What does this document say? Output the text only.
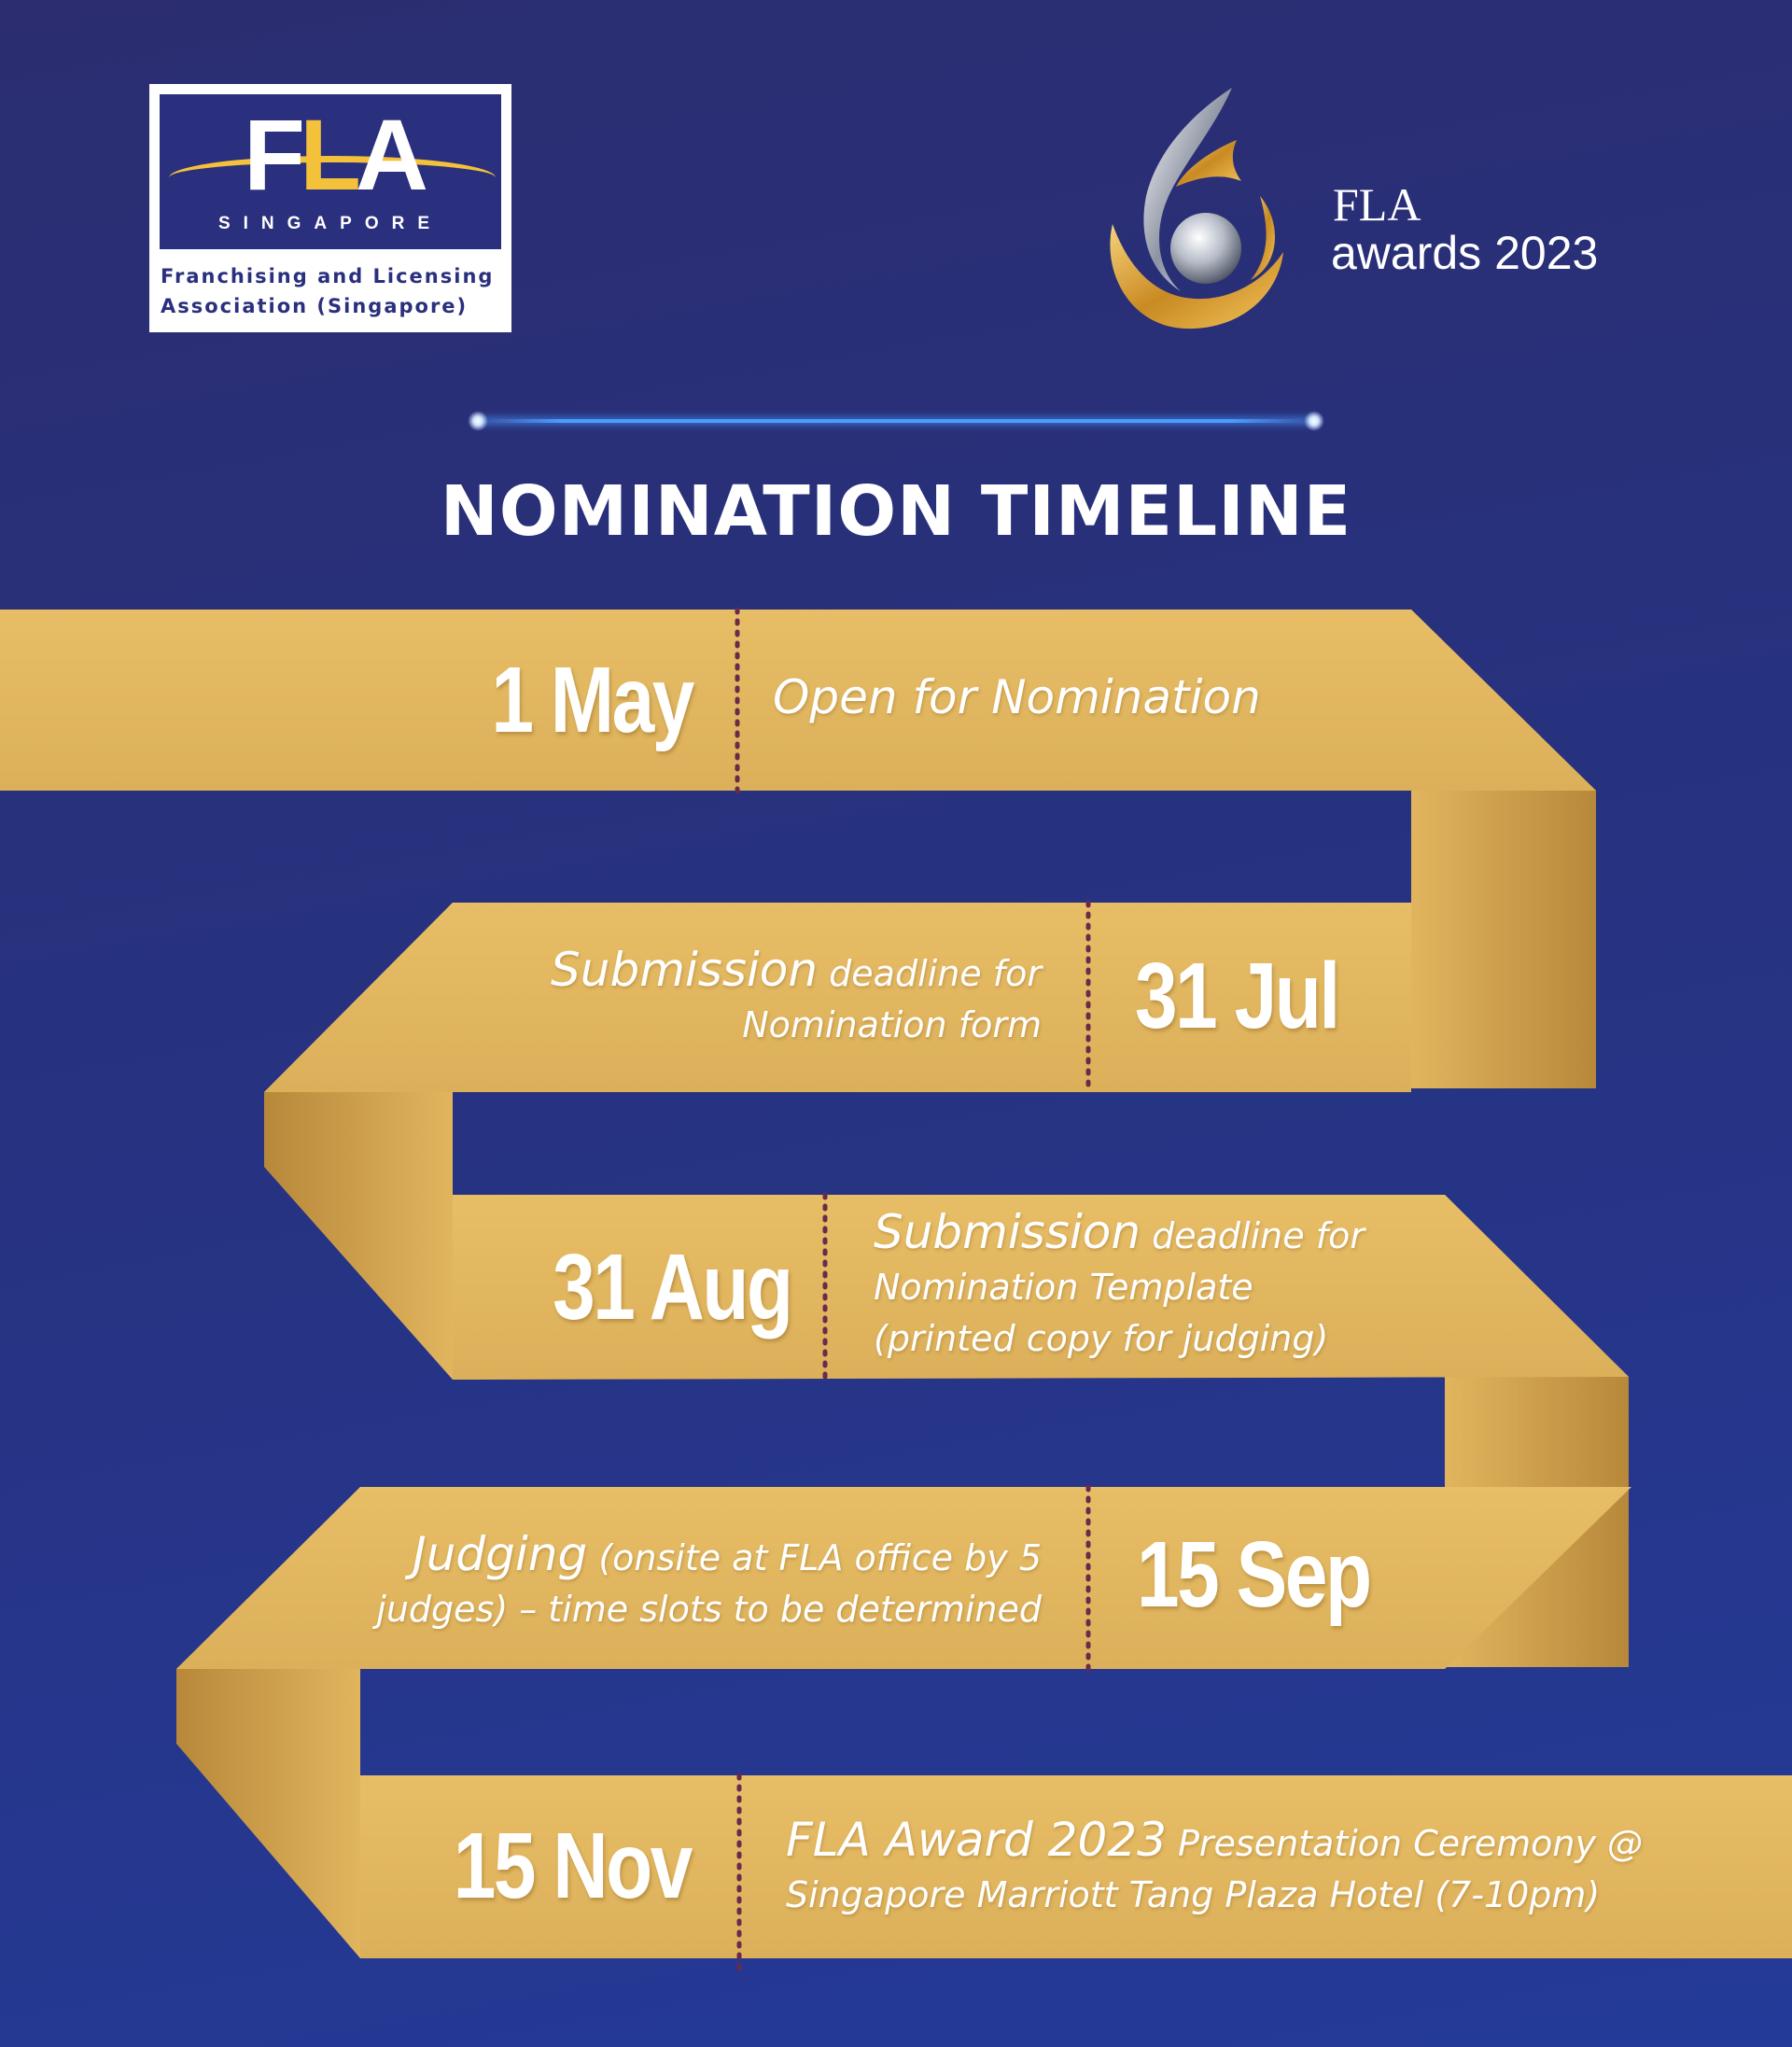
FLA
SINGAPORE
Franchising and Licensing
Association (Singapore)
FLA
awards 2023
NOMINATION TIMELINE
1 May Open for Nomination
Submission deadline for
Nomination form 31 Jul
31 Aug
Submission deadline for
Nomination Template
(printed copy for judging)
Judging (onsite at FLA office by 5
judges) – time slots to be determined 15 Sep
15 Nov FLA Award 2023 Presentation Ceremony @
Singapore Marriott Tang Plaza Hotel (7-10pm)
